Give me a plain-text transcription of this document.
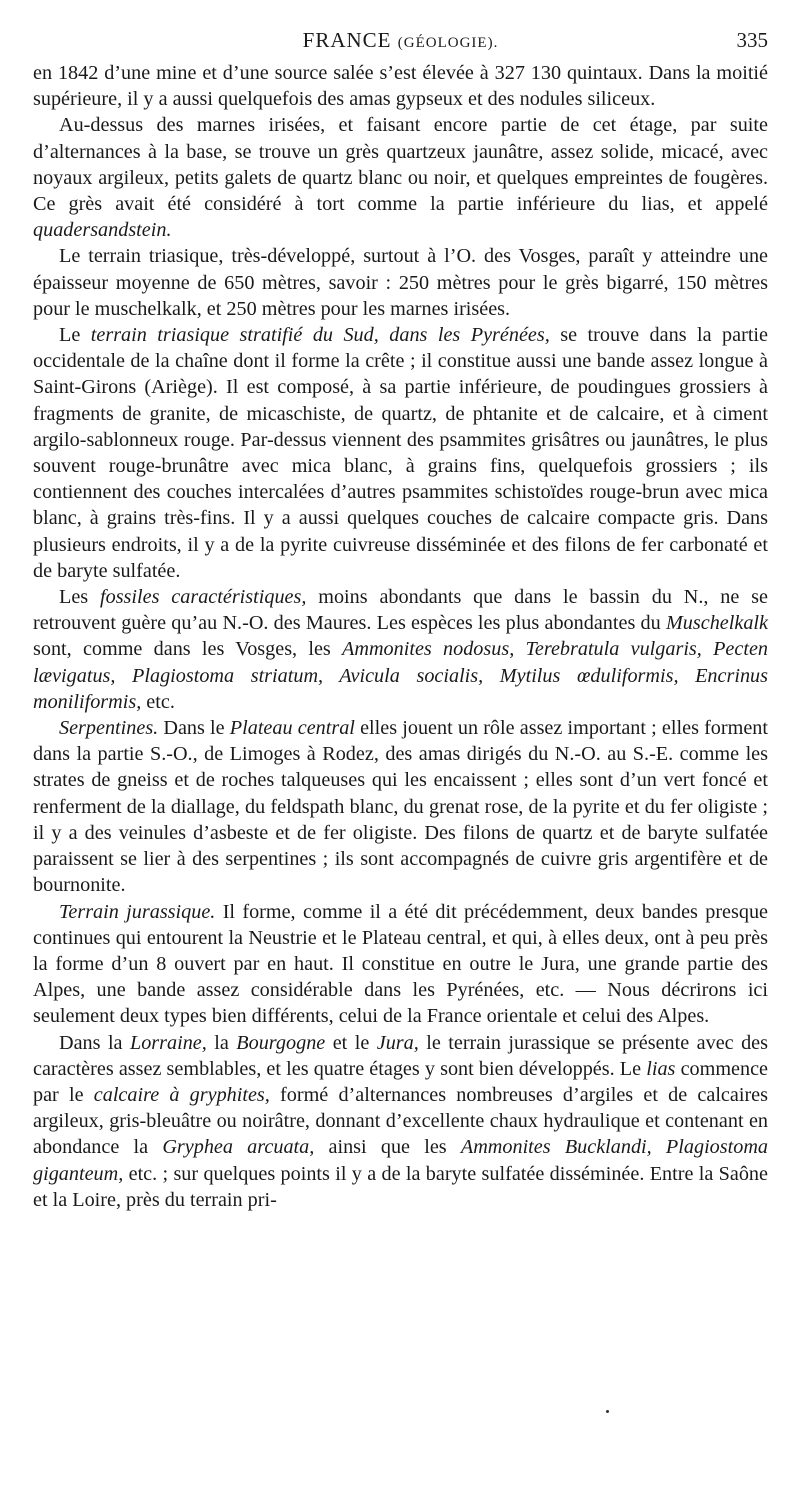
FRANCE (GÉOLOGIE).	335

en 1842 d’une mine et d’une source salée s’est élevée à 327 130 quintaux. Dans la moitié supérieure, il y a aussi quelquefois des amas gypseux et des nodules siliceux.

Au-dessus des marnes irisées, et faisant encore partie de cet étage, par suite d’alternances à la base, se trouve un grès quartzeux jaunâtre, assez solide, micacé, avec noyaux argileux, petits galets de quartz blanc ou noir, et quelques empreintes de fougères. Ce grès avait été considéré à tort comme la partie inférieure du lias, et appelé quadersandstein.

Le terrain triasique, très-développé, surtout à l’O. des Vosges, paraît y atteindre une épaisseur moyenne de 650 mètres, savoir : 250 mètres pour le grès bigarré, 150 mètres pour le muschelkalk, et 250 mètres pour les marnes irisées.

Le terrain triasique stratifié du Sud, dans les Pyrénées, se trouve dans la partie occidentale de la chaîne dont il forme la crête ; il constitue aussi une bande assez longue à Saint-Girons (Ariège). Il est composé, à sa partie inférieure, de poudingues grossiers à fragments de granite, de micaschiste, de quartz, de phtanite et de calcaire, et à ciment argilo-sablonneux rouge. Par-dessus viennent des psammites grisâtres ou jaunâtres, le plus souvent rouge-brunâtre avec mica blanc, à grains fins, quelquefois grossiers ; ils contiennent des couches intercalées d’autres psammites schistoïdes rouge-brun avec mica blanc, à grains très-fins. Il y a aussi quelques couches de calcaire compacte gris. Dans plusieurs endroits, il y a de la pyrite cuivreuse disséminée et des filons de fer carbonaté et de baryte sulfatée.

Les fossiles caractéristiques, moins abondants que dans le bassin du N., ne se retrouvent guère qu’au N.-O. des Maures. Les espèces les plus abondantes du Muschelkalk sont, comme dans les Vosges, les Ammonites nodosus, Terebratula vulgaris, Pecten lævigatus, Plagiostoma striatum, Avicula socialis, Mytilus œduliformis, Encrinus moniliformis, etc.

Serpentines. Dans le Plateau central elles jouent un rôle assez important ; elles forment dans la partie S.-O., de Limoges à Rodez, des amas dirigés du N.-O. au S.-E. comme les strates de gneiss et de roches talqueuses qui les encaissent ; elles sont d’un vert foncé et renferment de la diallage, du feldspath blanc, du grenat rose, de la pyrite et du fer oligiste ; il y a des veinules d’asbeste et de fer oligiste. Des filons de quartz et de baryte sulfatée paraissent se lier à des serpentines ; ils sont accompagnés de cuivre gris argentifère et de bournonite.

Terrain jurassique. Il forme, comme il a été dit précédemment, deux bandes presque continues qui entourent la Neustrie et le Plateau central, et qui, à elles deux, ont à peu près la forme d’un 8 ouvert par en haut. Il constitue en outre le Jura, une grande partie des Alpes, une bande assez considérable dans les Pyrénées, etc. — Nous décrirons ici seulement deux types bien différents, celui de la France orientale et celui des Alpes.

Dans la Lorraine, la Bourgogne et le Jura, le terrain jurassique se présente avec des caractères assez semblables, et les quatre étages y sont bien développés. Le lias commence par le calcaire à gryphites, formé d’alternances nombreuses d’argiles et de calcaires argileux, gris-bleuâtre ou noirâtre, donnant d’excellente chaux hydraulique et contenant en abondance la Gryphea arcuata, ainsi que les Ammonites Bucklandi, Plagiostoma giganteum, etc. ; sur quelques points il y a de la baryte sulfatée disséminée. Entre la Saône et la Loire, près du terrain pri-
